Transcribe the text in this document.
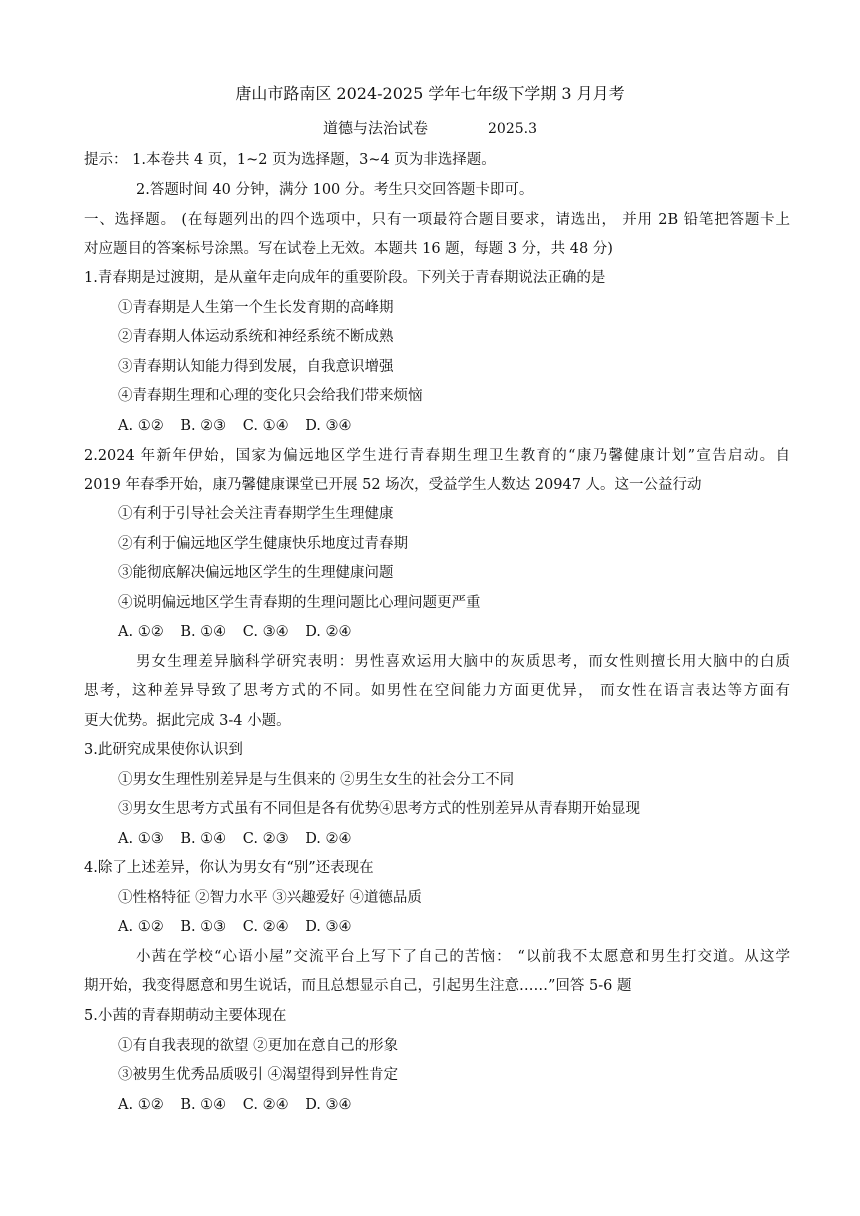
唐山市路南区 2024-2025 学年七年级下学期 3 月月考
道德与法治试卷	2025.3
提示： 1.本卷共 4 页，1~2 页为选择题，3~4 页为非选择题。
2.答题时间 40 分钟，满分 100 分。考生只交回答题卡即可。
一、选择题。 (在每题列出的四个选项中，只有一项最符合题目要求，请选出， 并用 2B 铅笔把答题卡上
对应题目的答案标号涂黑。写在试卷上无效。本题共 16 题，每题 3 分，共 48 分)
1.青春期是过渡期，是从童年走向成年的重要阶段。下列关于青春期说法正确的是
①青春期是人生第一个生长发育期的高峰期
②青春期人体运动系统和神经系统不断成熟
③青春期认知能力得到发展，自我意识增强
④青春期生理和心理的变化只会给我们带来烦恼
A. ①② B. ②③ C. ①④ D. ③④
2.2024 年新年伊始，国家为偏远地区学生进行青春期生理卫生教育的“康乃馨健康计划”宣告启动。自
2019 年春季开始，康乃馨健康课堂已开展 52 场次，受益学生人数达 20947 人。这一公益行动
①有利于引导社会关注青春期学生生理健康
②有利于偏远地区学生健康快乐地度过青春期
③能彻底解决偏远地区学生的生理健康问题
④说明偏远地区学生青春期的生理问题比心理问题更严重
A. ①② B. ①④ C. ③④ D. ②④
男女生理差异脑科学研究表明：男性喜欢运用大脑中的灰质思考，而女性则擅长用大脑中的白质
思考，这种差异导致了思考方式的不同。如男性在空间能力方面更优异， 而女性在语言表达等方面有
更大优势。据此完成 3-4 小题。
3.此研究成果使你认识到
①男女生理性别差异是与生俱来的 ②男生女生的社会分工不同
③男女生思考方式虽有不同但是各有优势④思考方式的性别差异从青春期开始显现
A. ①③ B. ①④ C. ②③ D. ②④
4.除了上述差异，你认为男女有“别”还表现在
①性格特征 ②智力水平 ③兴趣爱好 ④道德品质
A. ①② B. ①③ C. ②④ D. ③④
小茜在学校“心语小屋”交流平台上写下了自己的苦恼： “以前我不太愿意和男生打交道。从这学
期开始，我变得愿意和男生说话，而且总想显示自己，引起男生注意……”回答 5-6 题
5.小茜的青春期萌动主要体现在
①有自我表现的欲望 ②更加在意自己的形象
③被男生优秀品质吸引 ④渴望得到异性肯定
A. ①② B. ①④ C. ②④ D. ③④
